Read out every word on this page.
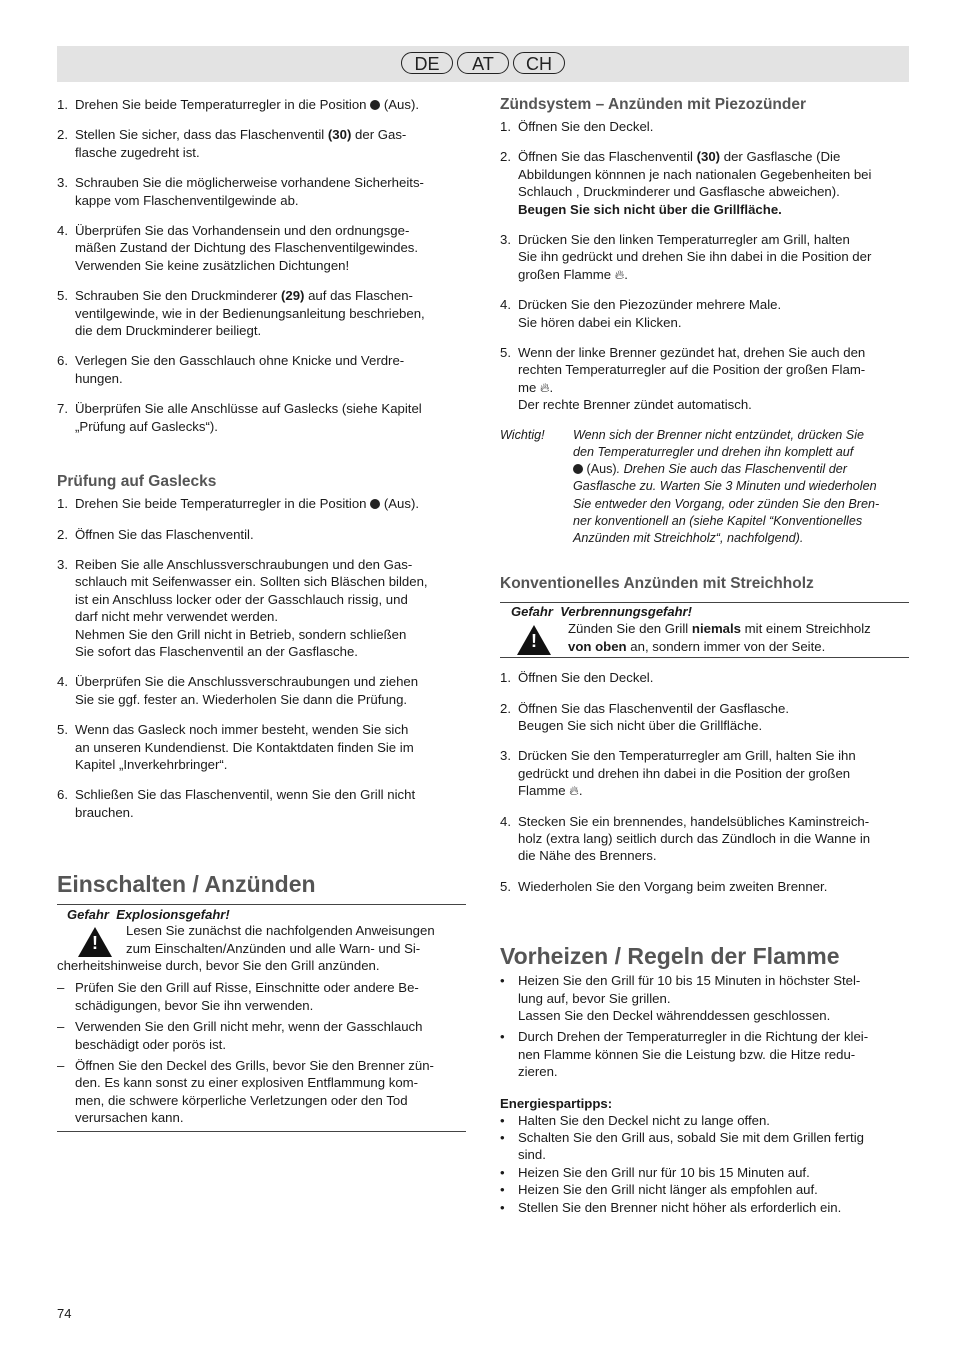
DE	AT	CH
1. Drehen Sie beide Temperaturregler in die Position  (Aus).
2. Stellen Sie sicher, dass das Flaschenventil (30) der Gas-
flasche zugedreht ist.
3. Schrauben Sie die möglicherweise vorhandene Sicherheits-
kappe vom Flaschenventilgewinde ab.
4. Überprüfen Sie das Vorhandensein und den ordnungsge-
mäßen Zustand der Dichtung des Flaschenventilgewindes.
Verwenden Sie keine zusätzlichen Dichtungen!
5. Schrauben Sie den Druckminderer (29) auf das Flaschen-
ventilgewinde, wie in der Bedienungsanleitung beschrieben,
die dem Druckminderer beiliegt.
6. Verlegen Sie den Gasschlauch ohne Knicke und Verdre-
hungen.
7. Überprüfen Sie alle Anschlüsse auf Gaslecks (siehe Kapitel
„Prüfung auf Gaslecks“).
Prüfung auf Gaslecks
1. Drehen Sie beide Temperaturregler in die Position  (Aus).
2. Öffnen Sie das Flaschenventil.
3. Reiben Sie alle Anschlussverschraubungen und den Gas-
schlauch mit Seifenwasser ein. Sollten sich Bläschen bilden,
ist ein Anschluss locker oder der Gasschlauch rissig, und
darf nicht mehr verwendet werden.
Nehmen Sie den Grill nicht in Betrieb, sondern schließen
Sie sofort das Flaschenventil an der Gasflasche.
4. Überprüfen Sie die Anschlussverschraubungen und ziehen
Sie sie ggf. fester an. Wiederholen Sie dann die Prüfung.
5. Wenn das Gasleck noch immer besteht, wenden Sie sich
an unseren Kundendienst. Die Kontaktdaten finden Sie im
Kapitel „Inverkehrbringer“.
6. Schließen Sie das Flaschenventil, wenn Sie den Grill nicht
brauchen.
Einschalten / Anzünden
Gefahr Explosionsgefahr!
!
Lesen Sie zunächst die nachfolgenden Anweisungen
zum Einschalten/Anzünden und alle Warn- und Si-
cherheitshinweise durch, bevor Sie den Grill anzünden.
– Prüfen Sie den Grill auf Risse, Einschnitte oder andere Be-
schädigungen, bevor Sie ihn verwenden.
– Verwenden Sie den Grill nicht mehr, wenn der Gasschlauch
beschädigt oder porös ist.
– Öffnen Sie den Deckel des Grills, bevor Sie den Brenner zün-
den. Es kann sonst zu einer explosiven Entflammung kom-
men, die schwere körperliche Verletzungen oder den Tod
verursachen kann.
Zündsystem – Anzünden mit Piezozünder
1. Öffnen Sie den Deckel.
2. Öffnen Sie das Flaschenventil (30) der Gasflasche (Die
Abbildungen könnnen je nach nationalen Gegebenheiten bei
Schlauch , Druckminderer und Gasflasche abweichen).
Beugen Sie sich nicht über die Grillfläche.
3. Drücken Sie den linken Temperaturregler am Grill, halten
Sie ihn gedrückt und drehen Sie ihn dabei in die Position der
großen Flamme 🔥︎.
4. Drücken Sie den Piezozünder mehrere Male.
Sie hören dabei ein Klicken.
5. Wenn der linke Brenner gezündet hat, drehen Sie auch den
rechten Temperaturregler auf die Position der großen Flam-
me 🔥︎.
Der rechte Brenner zündet automatisch.
Wichtig!	Wenn sich der Brenner nicht entzündet, drücken Sie
den Temperaturregler und drehen ihn komplett auf
(Aus). Drehen Sie auch das Flaschenventil der
Gasflasche zu. Warten Sie 3 Minuten und wiederholen
Sie entweder den Vorgang, oder zünden Sie den Bren-
ner konventionell an (siehe Kapitel “Konventionelles
Anzünden mit Streichholz“, nachfolgend).
Konventionelles Anzünden mit Streichholz
Gefahr Verbrennungsgefahr!
!
Zünden Sie den Grill niemals mit einem Streichholz
von oben an, sondern immer von der Seite.
1. Öffnen Sie den Deckel.
2. Öffnen Sie das Flaschenventil der Gasflasche.
Beugen Sie sich nicht über die Grillfläche.
3. Drücken Sie den Temperaturregler am Grill, halten Sie ihn
gedrückt und drehen ihn dabei in die Position der großen
Flamme 🔥︎.
4. Stecken Sie ein brennendes, handelsübliches Kaminstreich-
holz (extra lang) seitlich durch das Zündloch in die Wanne in
die Nähe des Brenners.
5. Wiederholen Sie den Vorgang beim zweiten Brenner.
Vorheizen / Regeln der Flamme
•	Heizen Sie den Grill für 10 bis 15 Minuten in höchster Stel-
lung auf, bevor Sie grillen.
Lassen Sie den Deckel währenddessen geschlossen.
•	Durch Drehen der Temperaturregler in die Richtung der klei-
nen Flamme können Sie die Leistung bzw. die Hitze redu-
zieren.
Energiespartipps:
•	Halten Sie den Deckel nicht zu lange offen.
•	Schalten Sie den Grill aus, sobald Sie mit dem Grillen fertig
sind.
•	Heizen Sie den Grill nur für 10 bis 15 Minuten auf.
•	Heizen Sie den Grill nicht länger als empfohlen auf.
•	Stellen Sie den Brenner nicht höher als erforderlich ein.
74
